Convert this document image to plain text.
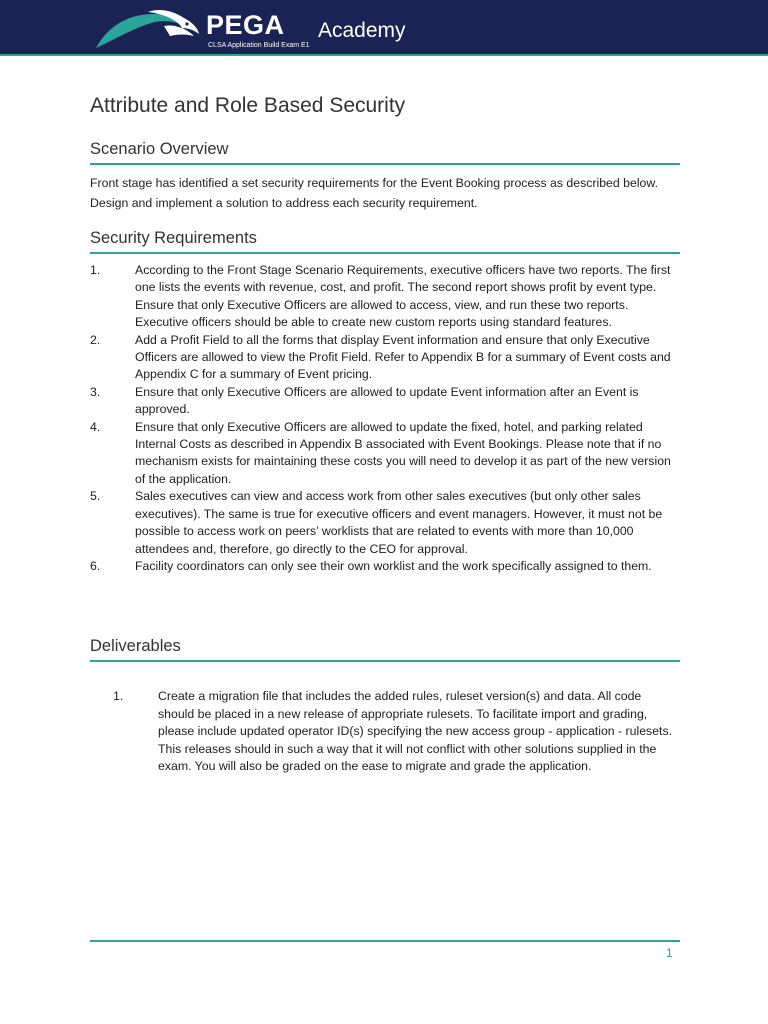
PEGA Academy
CLSA Application Build Exam E1
Attribute and Role Based Security
Scenario Overview

Front stage has identified a set security requirements for the Event Booking process as described below.
Design and implement a solution to address each security requirement.

Security Requirements
1.	According to the Front Stage Scenario Requirements, executive officers have two reports. The first one lists the events with revenue, cost, and profit. The second report shows profit by event type. Ensure that only Executive Officers are allowed to access, view, and run these two reports. Executive officers should be able to create new custom reports using standard features.
2.	Add a Profit Field to all the forms that display Event information and ensure that only Executive Officers are allowed to view the Profit Field. Refer to Appendix B for a summary of Event costs and Appendix C for a summary of Event pricing.
3.	Ensure that only Executive Officers are allowed to update Event information after an Event is approved.
4.	Ensure that only Executive Officers are allowed to update the fixed, hotel, and parking related Internal Costs as described in Appendix B associated with Event Bookings. Please note that if no mechanism exists for maintaining these costs you will need to develop it as part of the new version of the application.
5.	Sales executives can view and access work from other sales executives (but only other sales executives). The same is true for executive officers and event managers. However, it must not be possible to access work on peers’ worklists that are related to events with more than 10,000 attendees and, therefore, go directly to the CEO for approval.
6.	Facility coordinators can only see their own worklist and the work specifically assigned to them.
Deliverables
1.	Create a migration file that includes the added rules, ruleset version(s) and data. All code should be placed in a new release of appropriate rulesets. To facilitate import and grading, please include updated operator ID(s) specifying the new access group - application - rulesets. This releases should in such a way that it will not conflict with other solutions supplied in the exam. You will also be graded on the ease to migrate and grade the application.
1
